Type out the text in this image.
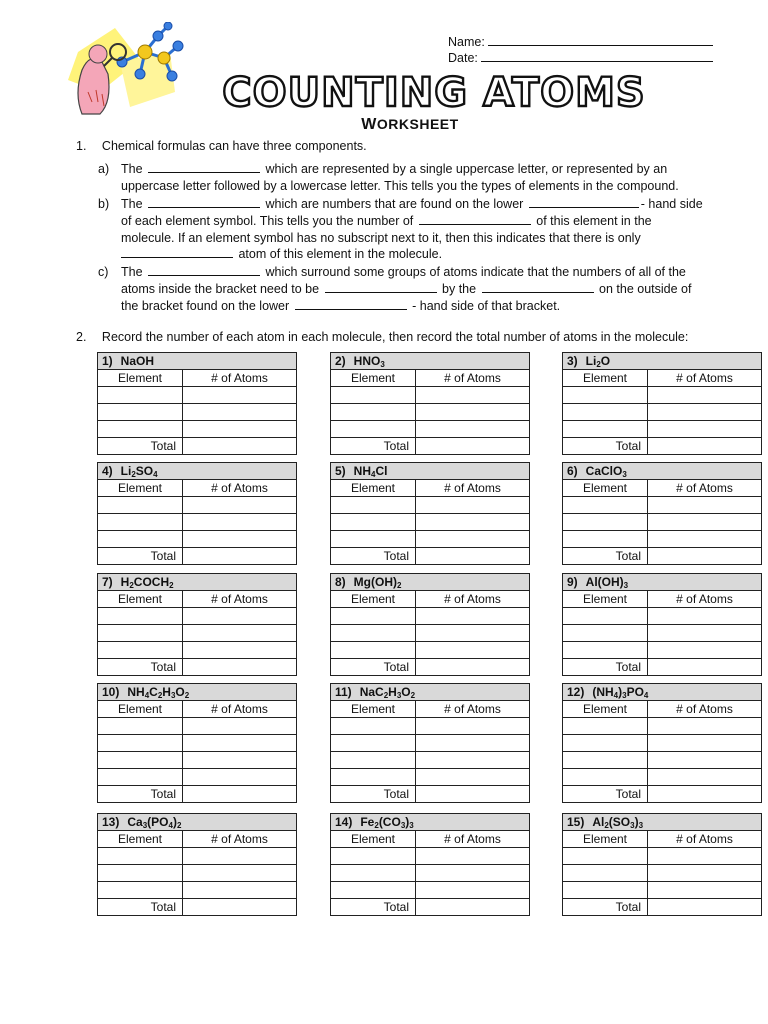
Name:
Date:
COUNTING ATOMS
WORKSHEET
1. Chemical formulas can have three components.
a) The	which are represented by a single uppercase letter, or represented by an
uppercase letter followed by a lowercase letter. This tells you the types of elements in the compound.
b) The	which are numbers that are found on the lower	- hand side
of each element symbol. This tells you the number of	of this element in the
molecule. If an element symbol has no subscript next to it, then this indicates that there is only
atom of this element in the molecule.
c) The	which surround some groups of atoms indicate that the numbers of all of the
atoms inside the bracket need to be	by the	on the outside of
the bracket found on the lower	- hand side of that bracket.
2. Record the number of each atom in each molecule, then record the total number of atoms in the molecule:
1) NaOH	
Element	# of Atoms

Total	
2) $HNO_3$
Element	# of Atoms

Total	
3) $Li_2O$	
Element	# of Atoms

Total	
4) $Li_2SO_4$
Element	# of Atoms

Total	
5) $NH_4Cl$	
Element	# of Atoms

Total	
6) CaClO$_3$
Element	# of Atoms

Total	
7) $H_2COCH_2$
Element	# of Atoms

Total	
8) $Mg(OH)_2$
Element	# of Atoms

Total	
9) $Al(OH)_3$
Element	# of Atoms

Total	
10) $NH_4C_2H_3O_2$
Element	# of Atoms

Total	
11) $NaC_2H_3O_2$
Element	# of Atoms

Total	
12) $(NH_4)_3PO_4$
Element	# of Atoms

Total	
13) $Ca_3(PO_4)_2$
Element	# of Atoms

Total	
14) $Fe_2(CO_3)_3$
Element	# of Atoms

Total	
15) $Al_2(SO_3)_3$
Element	# of Atoms

Total	
